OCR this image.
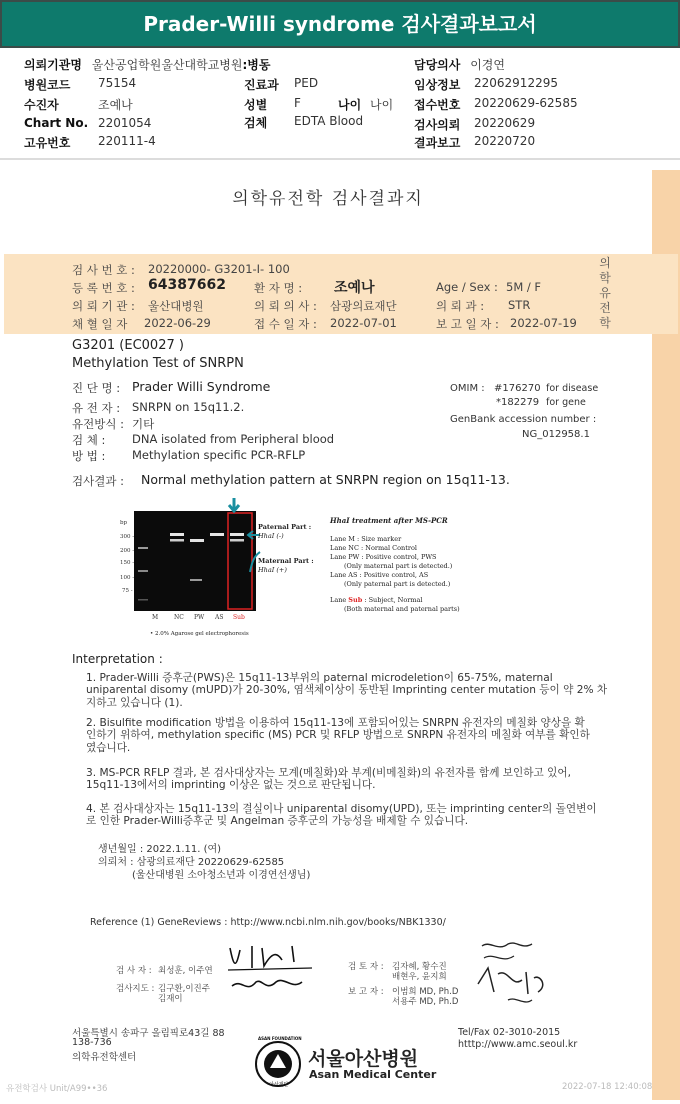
Prader-Willi syndrome 검사결과보고서
의뢰기관명 울산공업학원울산대학교병원:병동	담당의사 이경연
병원코드 75154	진료과 PED	임상정보 22062912295
수진자	조예나	성별 F	나이 나이 접수번호 20220629-62585
Chart No. 2201054	검체 EDTA Blood	검사의뢰 20220629
고유번호 220111-4	결과보고 20220720
의학유전학 검사결과지
검 사 번 호 : 20220000- G3201-I- 100
등 록 번 호 : 64387662 환 자 명 : 조예나	Age / Sex : 5M / F
의 뢰 기 관 : 울산대병원	의 뢰 의 사 : 삼광의료재단	의 뢰 과 : STR
채 혈 일 자 2022-06-29	접 수 일 자 : 2022-07-01	보 고 일 자 : 2022-07-19
의
학
유
전
학
G3201 (EC0027 )
Methylation Test of SNRPN
진 단 명 : Prader Willi Syndrome
유 전 자 : SNRPN on 15q11.2.
유전방식 : 기타
검 체 : DNA isolated from Peripheral blood
방 법 : Methylation specific PCR-RFLP
OMIM : #176270 for disease
*182279 for gene
GenBank accession number :
NG_012958.1
검사결과 : Normal methylation pattern at SNRPN region on 15q11-13.
bp
300 -
200 -
150 -
100 -
75 -
M	NC PW AS Sub
Paternal Part :
HhaI (-)
Maternal Part :
HhaI (+)
• 2.0% Agarose gel electrophoresis
HhaI treatment after MS-PCR
Lane M : Size marker
Lane NC : Normal Control
Lane PW : Positive control, PWS
(Only maternal part is detected.)
Lane AS : Positive control, AS
(Only paternal part is detected.)
Lane Sub : Subject, Normal
(Both maternal and paternal parts)
Interpretation :
1. Prader-Willi 증후군(PWS)은 15q11-13부위의 paternal microdeletion이 65-75%, maternal
uniparental disomy (mUPD)가 20-30%, 염색체이상이 동반된 Imprinting center mutation 등이 약 2% 차
지하고 있습니다 (1).
2. Bisulfite modification 방법을 이용하여 15q11-13에 포함되어있는 SNRPN 유전자의 메칠화 양상을 확
인하기 위하여, methylation specific (MS) PCR 및 RFLP 방법으로 SNRPN 유전자의 메칠화 여부를 확인하
였습니다.
3. MS-PCR RFLP 결과, 본 검사대상자는 모계(메칠화)와 부계(비메칠화)의 유전자를 함께 보인하고 있어,
15q11-13에서의 imprinting 이상은 없는 것으로 판단됩니다.
4. 본 검사대상자는 15q11-13의 결실이나 uniparental disomy(UPD), 또는 imprinting center의 돌연변이
로 인한 Prader-Willi증후군 및 Angelman 증후군의 가능성을 배제할 수 있습니다.
생년월일 : 2022.1.11. (여)
의뢰처 : 삼광의료재단 20220629-62585
(울산대병원 소아청소년과 이경연선생님)
Reference (1) GeneReviews : http://www.ncbi.nlm.nih.gov/books/NBK1330/
검 사 자 : 최성훈, 이주연
검사지도 : 김구환,이진주
김재이
검 토 자 : 김자혜, 황수진
배현우, 윤지희
보 고 자 : 이범희 MD, Ph.D
서용주 MD, Ph.D
서울특별시 송파구 올림픽로43길 88
138-736
의학유전학센터
Tel/Fax 02-3010-2015
htttp://www.amc.seoul.kr
ASAN FOUNDATION
아산재단
서울아산병원
Asan Medical Center
유전학검사 Unit/A99••36	2022-07-18 12:40:08
